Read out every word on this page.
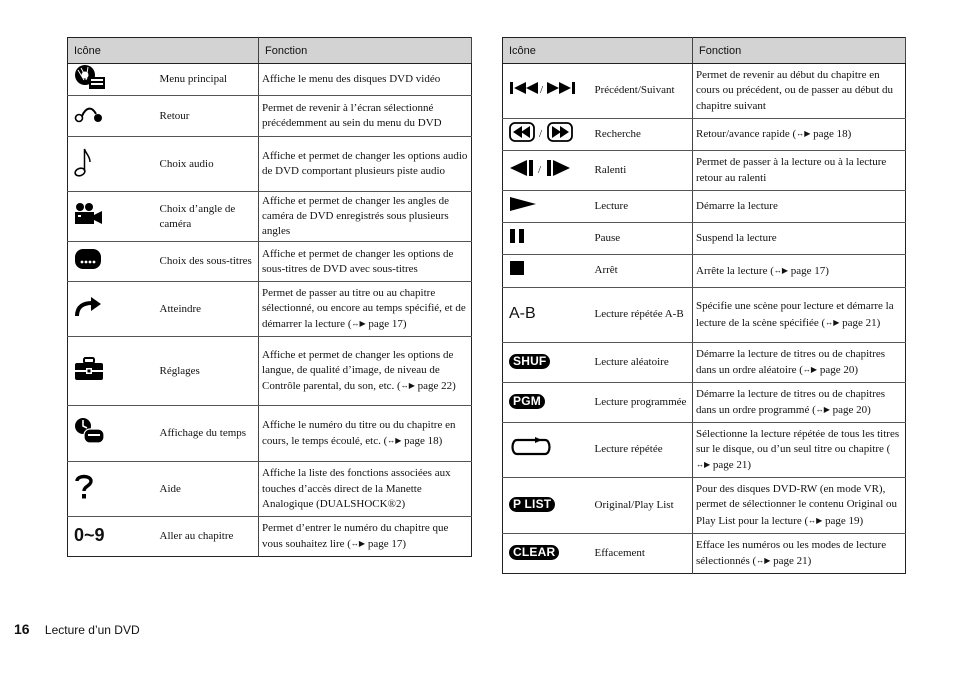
Icône		Fonction

	Menu principal	Affiche le menu des disques DVD vidéo

	Retour	Permet de revenir à l’écran sélectionné précédemment au sein du menu du DVD

	Choix audio	Affiche et permet de changer les options audio de DVD comportant plusieurs piste audio

	Choix d’angle de caméra	Affiche et permet de changer les angles de caméra de DVD enregistrés sous plusieurs angles

	Choix des sous-titres	Affiche et permet de changer les options de sous-titres de DVD avec sous-titres

	Atteindre	Permet de passer au titre ou au chapitre sélectionné, ou encore au temps spécifié, et de démarrer la lecture (↔▶ page 17)

	Réglages	Affiche et permet de changer les options de langue, de qualité d’image, de niveau de Contrôle parental, du son, etc. (↔▶ page 22)

	Affichage du temps	Affiche le numéro du titre ou du chapitre en cours, le temps écoulé, etc. (↔▶ page 18)

	Aide	Affiche la liste des fonctions associées aux touches d’accès direct de la Manette Analogique (DUALSHOCK®2)

0~9	Aller au chapitre	Permet d’entrer le numéro du chapitre que vous souhaitez lire (↔▶ page 17)
Icône		Fonction

/	Précédent/Suivant	Permet de revenir au début du chapitre en cours ou précédent, ou de passer au début du chapitre suivant

/	Recherche	Retour/avance rapide (↔▶ page 18)

/	Ralenti	Permet de passer à la lecture ou à la lecture retour au ralenti

	Lecture	Démarre la lecture

	Pause	Suspend la lecture

	Arrêt	Arrête la lecture (↔▶ page 17)

A-B	Lecture répétée A-B	Spécifie une scène pour lecture et démarre la lecture de la scène spécifiée (↔▶ page 21)

SHUF	Lecture aléatoire	Démarre la lecture de titres ou de chapitres dans un ordre aléatoire (↔▶ page 20)

PGM	Lecture programmée	Démarre la lecture de titres ou de chapitres dans un ordre programmé (↔▶ page 20)

	Lecture répétée	Sélectionne la lecture répétée de tous les titres sur le disque, ou d’un seul titre ou chapitre (↔▶ page 21)

P LIST	Original/Play List	Pour des disques DVD-RW (en mode VR), permet de sélectionner le contenu Original ou Play List pour la lecture (↔▶ page 19)

CLEAR	Effacement	Efface les numéros ou les modes de lecture sélectionnés (↔▶ page 21)
16 Lecture d’un DVD
